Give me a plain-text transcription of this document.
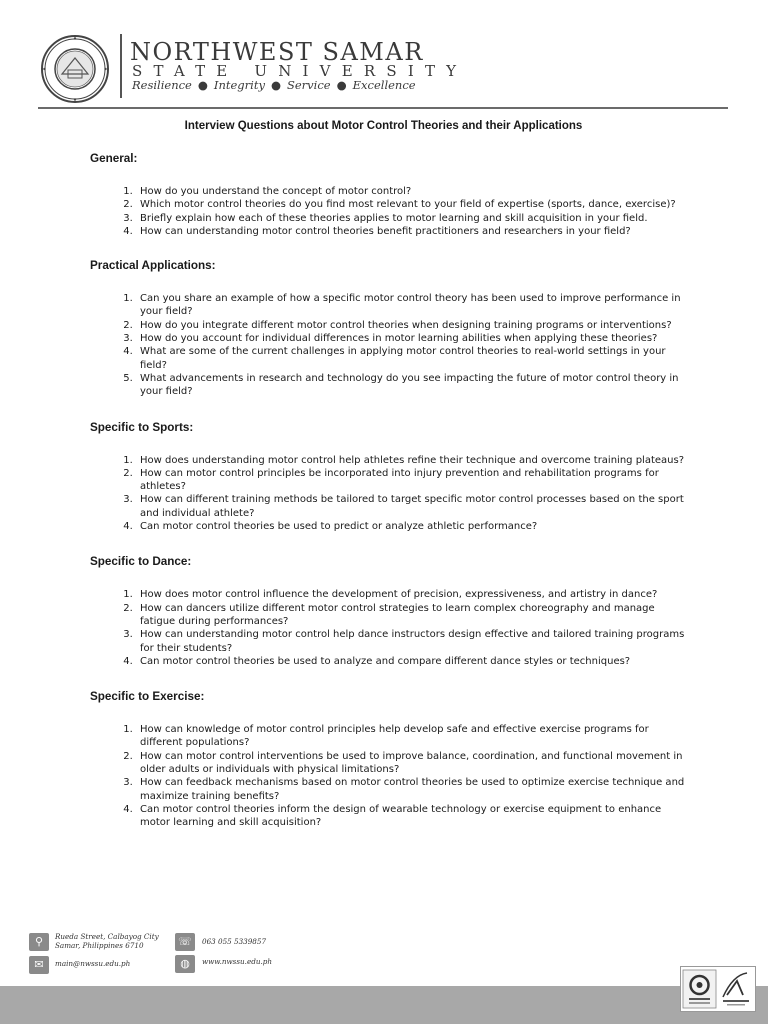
NORTHWEST SAMAR
STATE UNIVERSITY
Resilience ● Integrity ● Service ● Excellence
Interview Questions about Motor Control Theories and their Applications
General:
1. How do you understand the concept of motor control?
2. Which motor control theories do you find most relevant to your field of expertise (sports, dance, exercise)?
3. Briefly explain how each of these theories applies to motor learning and skill acquisition in your field.
4. How can understanding motor control theories benefit practitioners and researchers in your field?
Practical Applications:
1. Can you share an example of how a specific motor control theory has been used to improve performance in your field?
2. How do you integrate different motor control theories when designing training programs or interventions?
3. How do you account for individual differences in motor learning abilities when applying these theories?
4. What are some of the current challenges in applying motor control theories to real-world settings in your field?
5. What advancements in research and technology do you see impacting the future of motor control theory in your field?
Specific to Sports:
1. How does understanding motor control help athletes refine their technique and overcome training plateaus?
2. How can motor control principles be incorporated into injury prevention and rehabilitation programs for athletes?
3. How can different training methods be tailored to target specific motor control processes based on the sport and individual athlete?
4. Can motor control theories be used to predict or analyze athletic performance?
Specific to Dance:
1. How does motor control influence the development of precision, expressiveness, and artistry in dance?
2. How can dancers utilize different motor control strategies to learn complex choreography and manage fatigue during performances?
3. How can understanding motor control help dance instructors design effective and tailored training programs for their students?
4. Can motor control theories be used to analyze and compare different dance styles or techniques?
Specific to Exercise:
1. How can knowledge of motor control principles help develop safe and effective exercise programs for different populations?
2. How can motor control interventions be used to improve balance, coordination, and functional movement in older adults or individuals with physical limitations?
3. How can feedback mechanisms based on motor control theories be used to optimize exercise technique and maximize training benefits?
4. Can motor control theories inform the design of wearable technology or exercise equipment to enhance motor learning and skill acquisition?
⚲	Rueda Street, Calbayog City
Samar, Philippines 6710
✉	main@nwssu.edu.ph
☏	063 055 5339857
◍	www.nwssu.edu.ph
